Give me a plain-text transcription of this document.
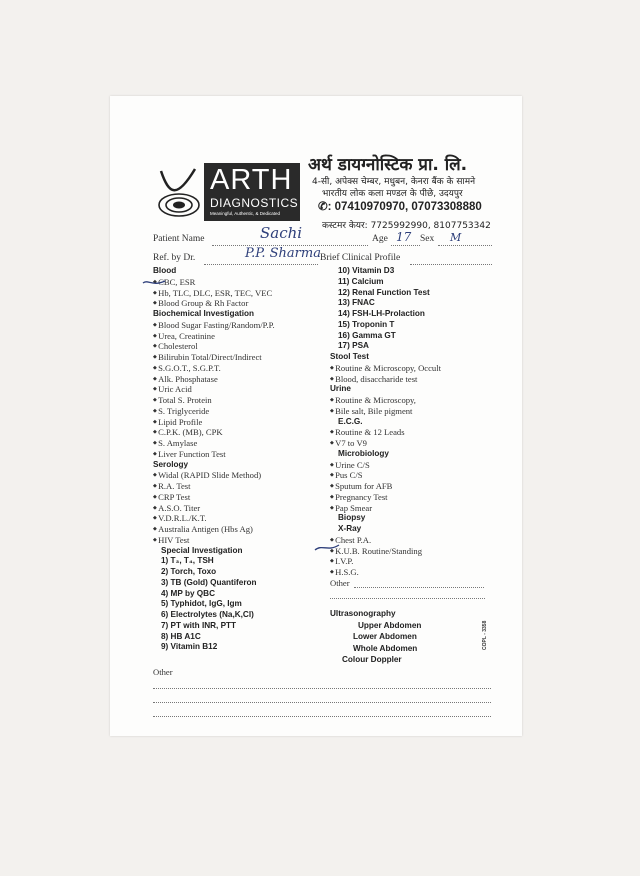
ARTH
DIAGNOSTICS
Meaningful, Authentic, & Dedicated
अर्थ डायग्नोस्टिक प्रा. लि.
4-सी, अपेक्स चेम्बर, मधुबन, केनरा बैंक के सामने
भारतीय लोक कला मण्डल के पीछे, उदयपुर
✆: 07410970970, 07073308880
कस्टमर केयर: 7725992990, 8107753342
Patient Name	Sachi	Age 17 Sex M
Ref. by Dr.	P.P. Sharma Brief Clinical Profile
Blood
◆ CBC, ESR
◆ Hb, TLC, DLC, ESR, TEC, VEC
◆ Blood Group & Rh Factor
Biochemical Investigation
◆ Blood Sugar Fasting/Random/P.P.
◆ Urea, Creatinine
◆ Cholesterol
◆ Bilirubin Total/Direct/Indirect
◆ S.G.O.T., S.G.P.T.
◆ Alk. Phosphatase
◆ Uric Acid
◆ Total S. Protein
◆ S. Triglyceride
◆ Lipid Profile
◆ C.P.K. (MB), CPK
◆ S. Amylase
◆ Liver Function Test
Serology
◆ Widal (RAPID Slide Method)
◆ R.A. Test
◆ CRP Test
◆ A.S.O. Titer
◆ V.D.R.L./K.T.
◆ Australia Antigen (Hbs Ag)
◆ HIV Test
Special Investigation
1) T₃, T₄, TSH
2) Torch, Toxo
3) TB (Gold) Quantiferon
4) MP by QBC
5) Typhidot, IgG, Igm
6) Electrolytes (Na,K,Cl)
7) PT with INR, PTT
8) HB A1C
9) Vitamin B12
10) Vitamin D3
11) Calcium
12) Renal Function Test
13) FNAC
14) FSH-LH-Prolaction
15) Troponin T
16) Gamma GT
17) PSA
Stool Test
◆ Routine & Microscopy, Occult
◆ Blood, disaccharide test
Urine
◆ Routine & Microscopy,
◆ Bile salt, Bile pigment
E.C.G.
◆ Routine & 12 Leads
◆ V7 to V9
Microbiology
◆ Urine C/S
◆ Pus C/S
◆ Sputum for AFB
◆ Pregnancy Test
◆ Pap Smear
Biopsy
X-Ray
◆ Chest P.A.
◆ K.U.B. Routine/Standing
◆ I.V.P.
◆ H.S.G.
Other
Ultrasonography
Upper Abdomen
Lower Abdomen
Whole Abdomen
Colour Doppler
Other
COPL - 3358
